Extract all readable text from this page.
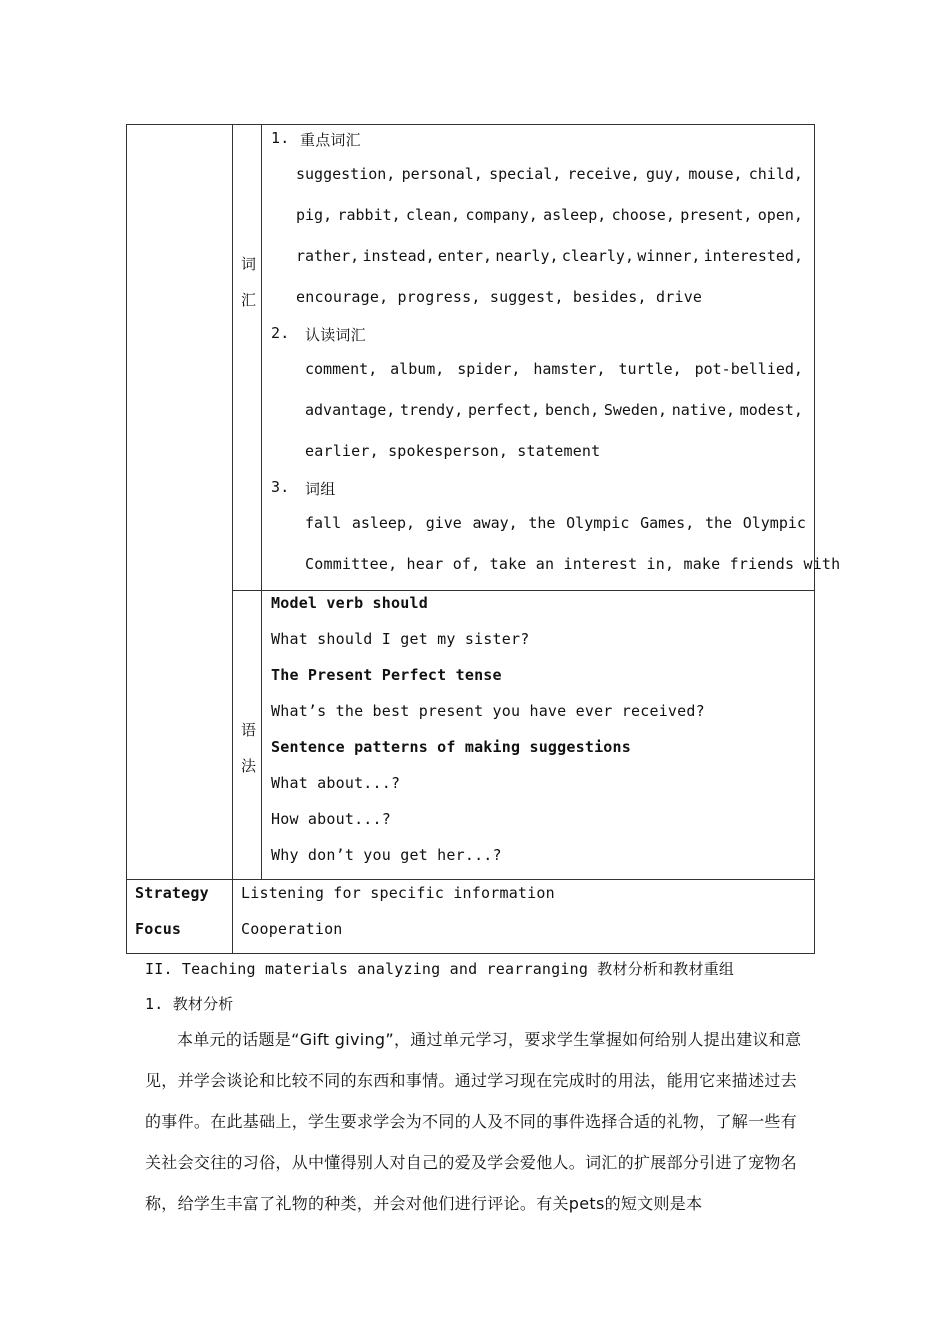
词
汇
1. 重点词汇
suggestion, personal, special, receive, guy, mouse, child,
pig, rabbit, clean, company, asleep, choose, present, open,
rather, instead, enter, nearly, clearly, winner, interested,
encourage, progress, suggest, besides, drive
2. 认读词汇
comment, album, spider, hamster, turtle, pot-bellied,
advantage, trendy, perfect, bench, Sweden, native, modest,
earlier, spokesperson, statement
3. 词组
fall asleep, give away, the Olympic Games, the Olympic
Committee, hear of, take an interest in, make friends with
语
法
Model verb should
What should I get my sister?
The Present Perfect tense
What’s the best present you have ever received?
Sentence patterns of making suggestions
What about...?
How about...?
Why don’t you get her...?
Strategy
Focus
Listening for specific information
Cooperation
II. Teaching materials analyzing and rearranging 教材分析和教材重组
1. 教材分析
本单元的话题是“Gift giving”，通过单元学习，要求学生掌握如何给别人提出建议和意见，并学会谈论和比较不同的东西和事情。通过学习现在完成时的用法，能用它来描述过去的事件。在此基础上，学生要求学会为不同的人及不同的事件选择合适的礼物，了解一些有关社会交往的习俗，从中懂得别人对自己的爱及学会爱他人。词汇的扩展部分引进了宠物名称，给学生丰富了礼物的种类，并会对他们进行评论。有关pets的短文则是本
